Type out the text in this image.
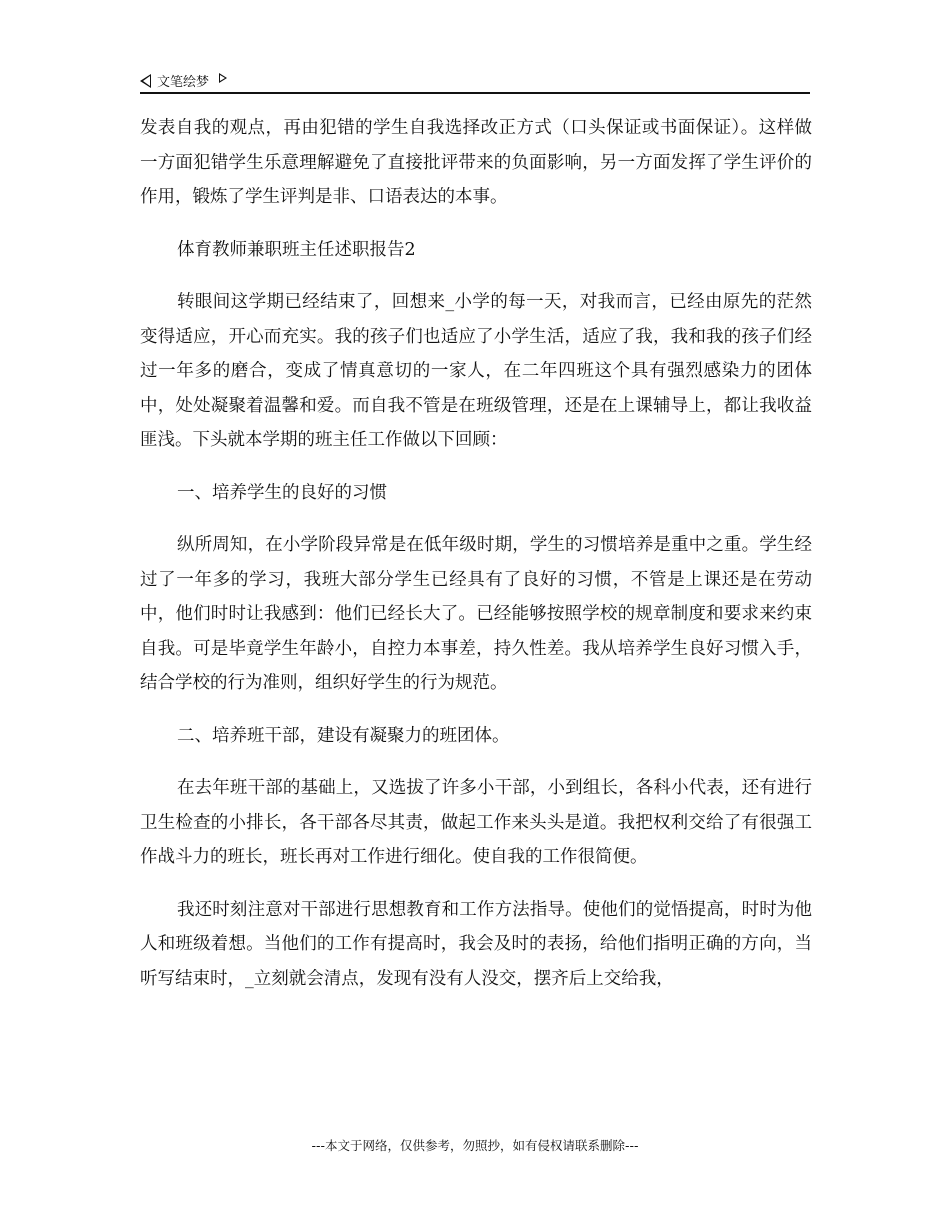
文笔绘梦

发表自我的观点，再由犯错的学生自我选择改正方式（口头保证或书面保证）。这样做一方面犯错学生乐意理解避免了直接批评带来的负面影响，另一方面发挥了学生评价的作用，锻炼了学生评判是非、口语表达的本事。

体育教师兼职班主任述职报告2

转眼间这学期已经结束了，回想来_小学的每一天，对我而言，已经由原先的茫然变得适应，开心而充实。我的孩子们也适应了小学生活，适应了我，我和我的孩子们经过一年多的磨合，变成了情真意切的一家人，在二年四班这个具有强烈感染力的团体中，处处凝聚着温馨和爱。而自我不管是在班级管理，还是在上课辅导上，都让我收益匪浅。下头就本学期的班主任工作做以下回顾：

一、培养学生的良好的习惯

纵所周知，在小学阶段异常是在低年级时期，学生的习惯培养是重中之重。学生经过了一年多的学习，我班大部分学生已经具有了良好的习惯，不管是上课还是在劳动中，他们时时让我感到：他们已经长大了。已经能够按照学校的规章制度和要求来约束自我。可是毕竟学生年龄小，自控力本事差，持久性差。我从培养学生良好习惯入手，结合学校的行为准则，组织好学生的行为规范。

二、培养班干部，建设有凝聚力的班团体。

在去年班干部的基础上，又选拔了许多小干部，小到组长，各科小代表，还有进行卫生检查的小排长，各干部各尽其责，做起工作来头头是道。我把权利交给了有很强工作战斗力的班长，班长再对工作进行细化。使自我的工作很简便。

我还时刻注意对干部进行思想教育和工作方法指导。使他们的觉悟提高，时时为他人和班级着想。当他们的工作有提高时，我会及时的表扬，给他们指明正确的方向，当听写结束时，_立刻就会清点，发现有没有人没交，摆齐后上交给我，

---本文于网络，仅供参考，勿照抄，如有侵权请联系删除---
